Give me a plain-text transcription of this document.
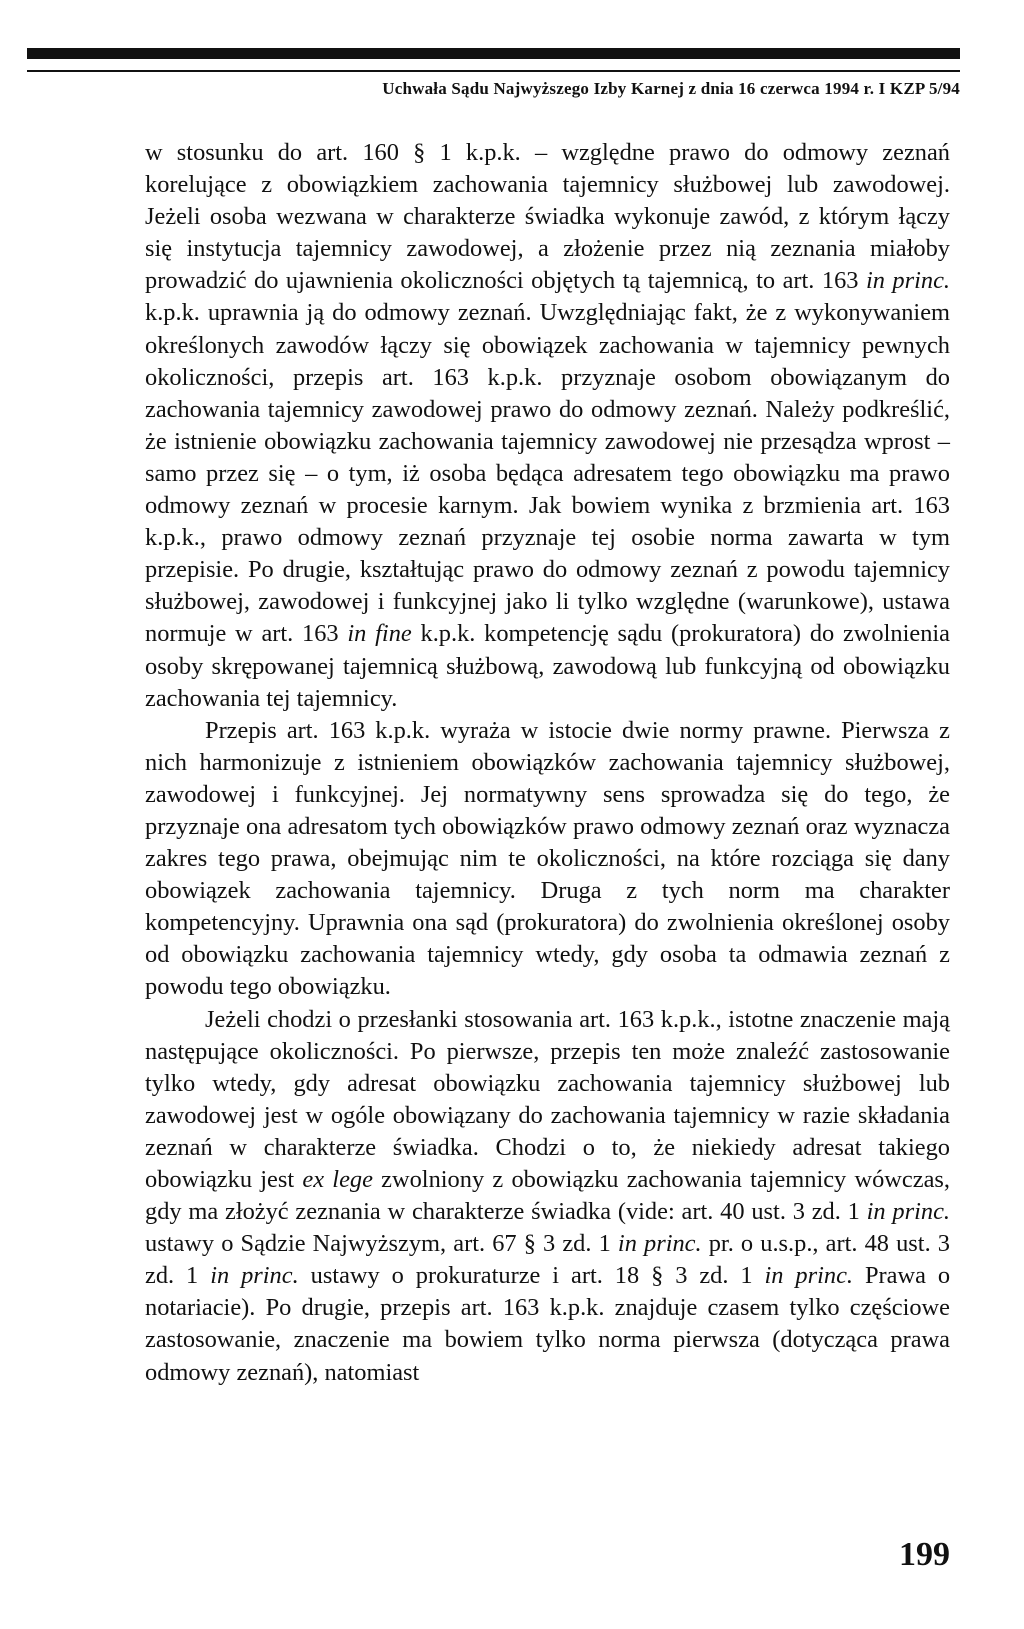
Uchwała Sądu Najwyższego Izby Karnej z dnia 16 czerwca 1994 r. I KZP 5/94

w stosunku do art. 160 § 1 k.p.k. – względne prawo do odmowy zeznań korelujące z obowiązkiem zachowania tajemnicy służbowej lub zawodowej. Jeżeli osoba wezwana w charakterze świadka wykonuje zawód, z którym łączy się instytucja tajemnicy zawodowej, a złożenie przez nią zeznania miałoby prowadzić do ujawnienia okoliczności objętych tą tajemnicą, to art. 163 in princ. k.p.k. uprawnia ją do odmowy zeznań. Uwzględniając fakt, że z wykonywaniem określonych zawodów łączy się obowiązek zachowania w tajemnicy pewnych okoliczności, przepis art. 163 k.p.k. przyznaje osobom obowiązanym do zachowania tajemnicy zawodowej prawo do odmowy zeznań. Należy podkreślić, że istnienie obowiązku zachowania tajemnicy zawodowej nie przesądza wprost – samo przez się – o tym, iż osoba będąca adresatem tego obowiązku ma prawo odmowy zeznań w procesie karnym. Jak bowiem wynika z brzmienia art. 163 k.p.k., prawo odmowy zeznań przyznaje tej osobie norma zawarta w tym przepisie. Po drugie, kształtując prawo do odmowy zeznań z powodu tajemnicy służbowej, zawodowej i funkcyjnej jako li tylko względne (warunkowe), ustawa normuje w art. 163 in fine k.p.k. kompetencję sądu (prokuratora) do zwolnienia osoby skrępowanej tajemnicą służbową, zawodową lub funkcyjną od obowiązku zachowania tej tajemnicy.

Przepis art. 163 k.p.k. wyraża w istocie dwie normy prawne. Pierwsza z nich harmonizuje z istnieniem obowiązków zachowania tajemnicy służbowej, zawodowej i funkcyjnej. Jej normatywny sens sprowadza się do tego, że przyznaje ona adresatom tych obowiązków prawo odmowy zeznań oraz wyznacza zakres tego prawa, obejmując nim te okoliczności, na które rozciąga się dany obowiązek zachowania tajemnicy. Druga z tych norm ma charakter kompetencyjny. Uprawnia ona sąd (prokuratora) do zwolnienia określonej osoby od obowiązku zachowania tajemnicy wtedy, gdy osoba ta odmawia zeznań z powodu tego obowiązku.

Jeżeli chodzi o przesłanki stosowania art. 163 k.p.k., istotne znaczenie mają następujące okoliczności. Po pierwsze, przepis ten może znaleźć zastosowanie tylko wtedy, gdy adresat obowiązku zachowania tajemnicy służbowej lub zawodowej jest w ogóle obowiązany do zachowania tajemnicy w razie składania zeznań w charakterze świadka. Chodzi o to, że niekiedy adresat takiego obowiązku jest ex lege zwolniony z obowiązku zachowania tajemnicy wówczas, gdy ma złożyć zeznania w charakterze świadka (vide: art. 40 ust. 3 zd. 1 in princ. ustawy o Sądzie Najwyższym, art. 67 § 3 zd. 1 in princ. pr. o u.s.p., art. 48 ust. 3 zd. 1 in princ. ustawy o prokuraturze i art. 18 § 3 zd. 1 in princ. Prawa o notariacie). Po drugie, przepis art. 163 k.p.k. znajduje czasem tylko częściowe zastosowanie, znaczenie ma bowiem tylko norma pierwsza (dotycząca prawa odmowy zeznań), natomiast

199
